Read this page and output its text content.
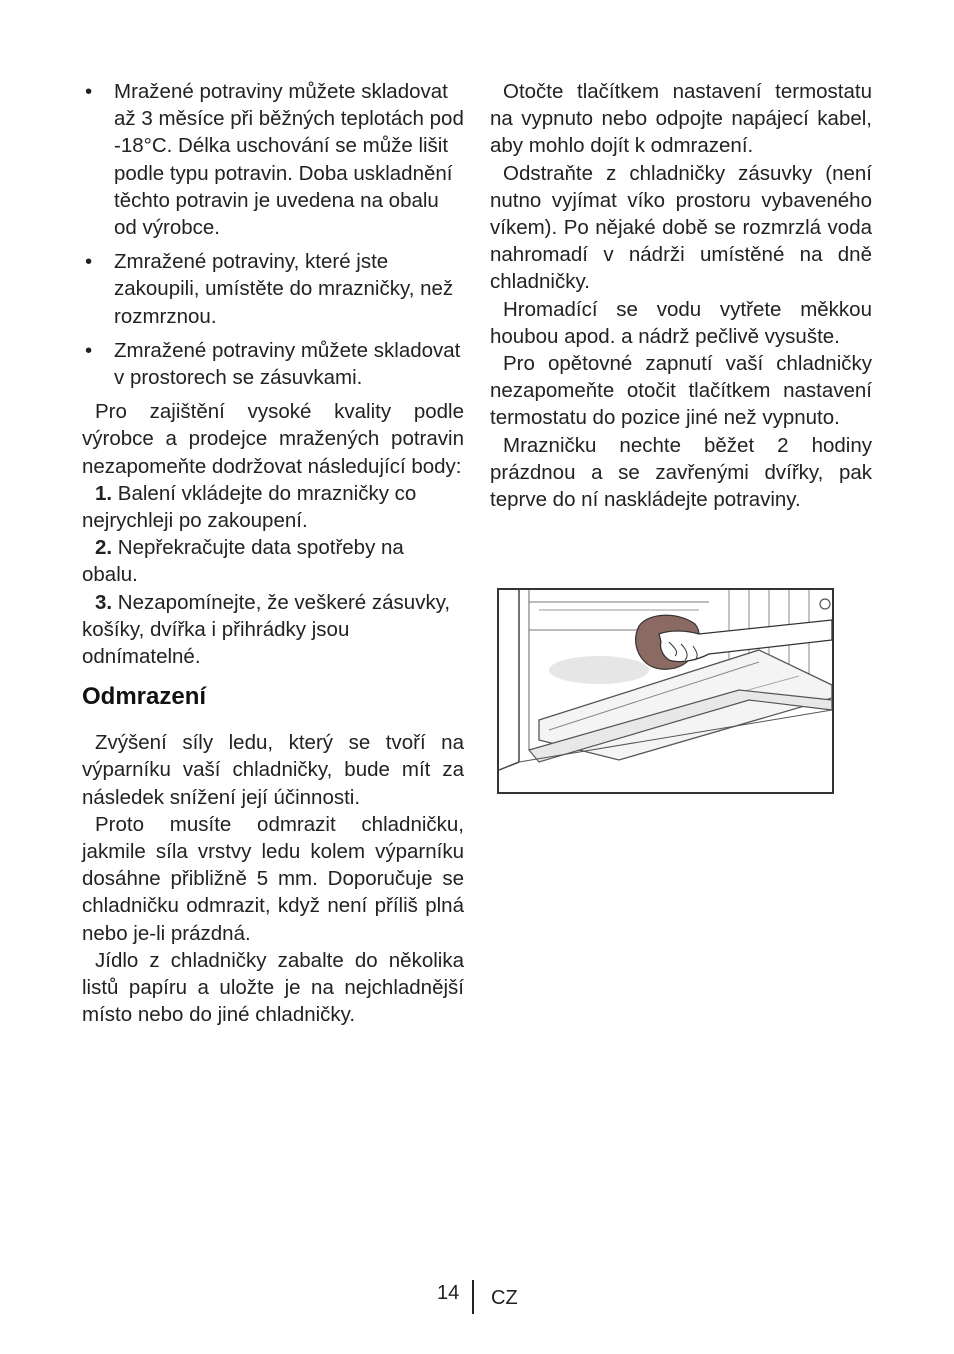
• Mražené potraviny můžete skladovat až 3 měsíce při běžných teplotách pod -18°C. Délka uschování se může lišit podle typu potravin. Doba uskladnění těchto potravin je uvedena na obalu od výrobce.
• Zmražené potraviny, které jste zakoupili, umístěte do mrazničky, než rozmrznou.
• Zmražené potraviny můžete skladovat v prostorech se zásuvkami.

Pro zajištění vysoké kvality podle výrobce a prodejce mražených potravin nezapomeňte dodržovat následující body:

1. Balení vkládejte do mrazničky co nejrychleji po zakoupení.

2. Nepřekračujte data spotřeby na obalu.

3. Nezapomínejte, že veškeré zásuvky, košíky, dvířka i přihrádky jsou odnímatelné.

Odmrazení

Zvýšení síly ledu, který se tvoří na výparníku vaší chladničky, bude mít za následek snížení její účinnosti.

Proto musíte odmrazit chladničku, jakmile síla vrstvy ledu kolem výparníku dosáhne přibližně 5 mm. Doporučuje se chladničku odmrazit, když není příliš plná nebo je-li prázdná.

Jídlo z chladničky zabalte do několika listů papíru a uložte je na nejchladnější místo nebo do jiné chladničky.

Otočte tlačítkem nastavení termostatu na vypnuto nebo odpojte napájecí kabel, aby mohlo dojít k odmrazení.

Odstraňte z chladničky zásuvky (není nutno vyjímat víko prostoru vybaveného víkem). Po nějaké době se rozmrzlá voda nahromadí v nádrži umístěné na dně chladničky.

Hromadící se vodu vytřete měkkou houbou apod. a nádrž pečlivě vysušte.

Pro opětovné zapnutí vaší chladničky nezapomeňte otočit tlačítkem nastavení termostatu do pozice jiné než vypnuto.

Mrazničku nechte běžet 2 hodiny prázdnou a se zavřenými dvířky, pak teprve do ní naskládejte potraviny.

14 CZ
